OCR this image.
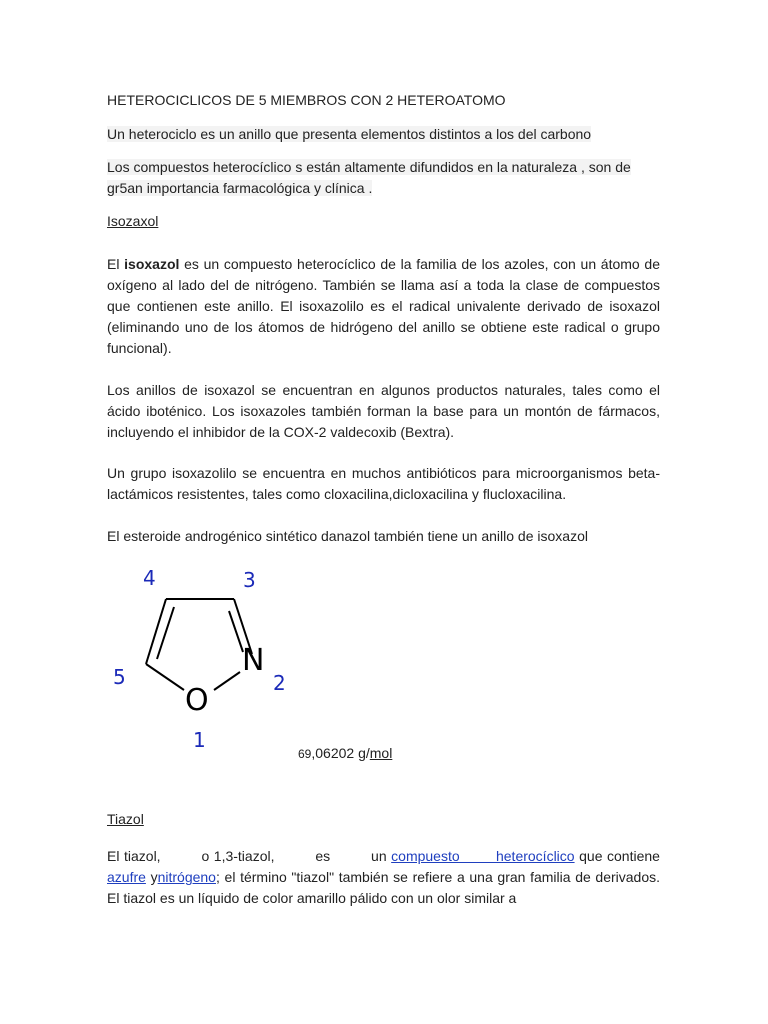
HETEROCICLICOS DE 5 MIEMBROS CON 2 HETEROATOMO

Un heterociclo es un anillo que presenta elementos distintos a los del carbono

Los compuestos heterocíclico s están altamente difundidos en la naturaleza , son de gr5an importancia farmacológica y clínica .

Isozaxol

El isoxazol es un compuesto heterocíclico de la familia de los azoles, con un átomo de oxígeno al lado del de nitrógeno. También se llama así a toda la clase de compuestos que contienen este anillo. El isoxazolilo es el radical univalente derivado de isoxazol (eliminando uno de los átomos de hidrógeno del anillo se obtiene este radical o grupo funcional).

Los anillos de isoxazol se encuentran en algunos productos naturales, tales como el ácido iboténico. Los isoxazoles también forman la base para un montón de fármacos, incluyendo el inhibidor de la COX-2 valdecoxib (Bextra).

Un grupo isoxazolilo se encuentra en muchos antibióticos para microorganismos beta-lactámicos resistentes, tales como cloxacilina,dicloxacilina y flucloxacilina.

El esteroide androgénico sintético danazol también tiene un anillo de isoxazol

Tiazol

El tiazol,         o 1,3-tiazol,         es         un compuesto        heterocíclico que contiene azufre ynitrógeno; el término "tiazol" también se refiere a una gran familia de derivados. El tiazol es un líquido de color amarillo pálido con un olor similar a

N
O
1
2
3
4
5
69,06202 g/mol
